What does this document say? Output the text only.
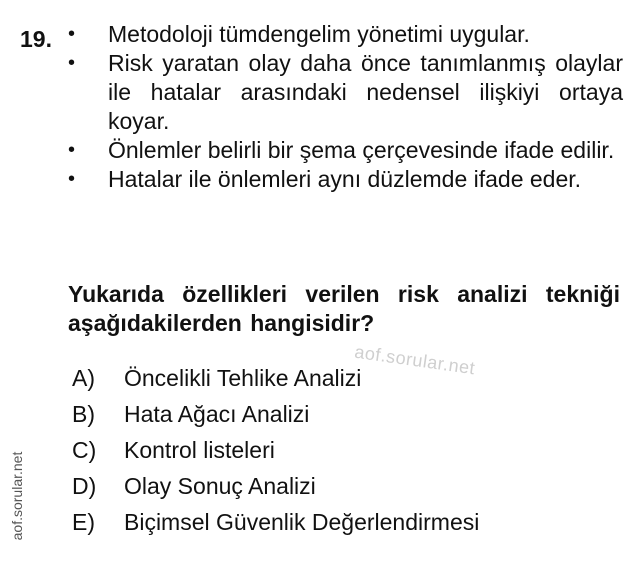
19. • Metodoloji tümdengelim yönetimi uygular.
• Risk yaratan olay daha önce tanımlanmış olaylar ile hatalar arasındaki nedensel ilişkiyi ortaya koyar.
• Önlemler belirli bir şema çerçevesinde ifade edilir.
• Hatalar ile önlemleri aynı düzlemde ifade eder.
Yukarıda özellikleri verilen risk analizi tekniği aşağıdakilerden hangisidir?
aof.sorular.net
A)	Öncelikli Tehlike Analizi
B)	Hata Ağacı Analizi
C)	Kontrol listeleri
D)	Olay Sonuç Analizi
E)	Biçimsel Güvenlik Değerlendirmesi
aof.sorular.net
